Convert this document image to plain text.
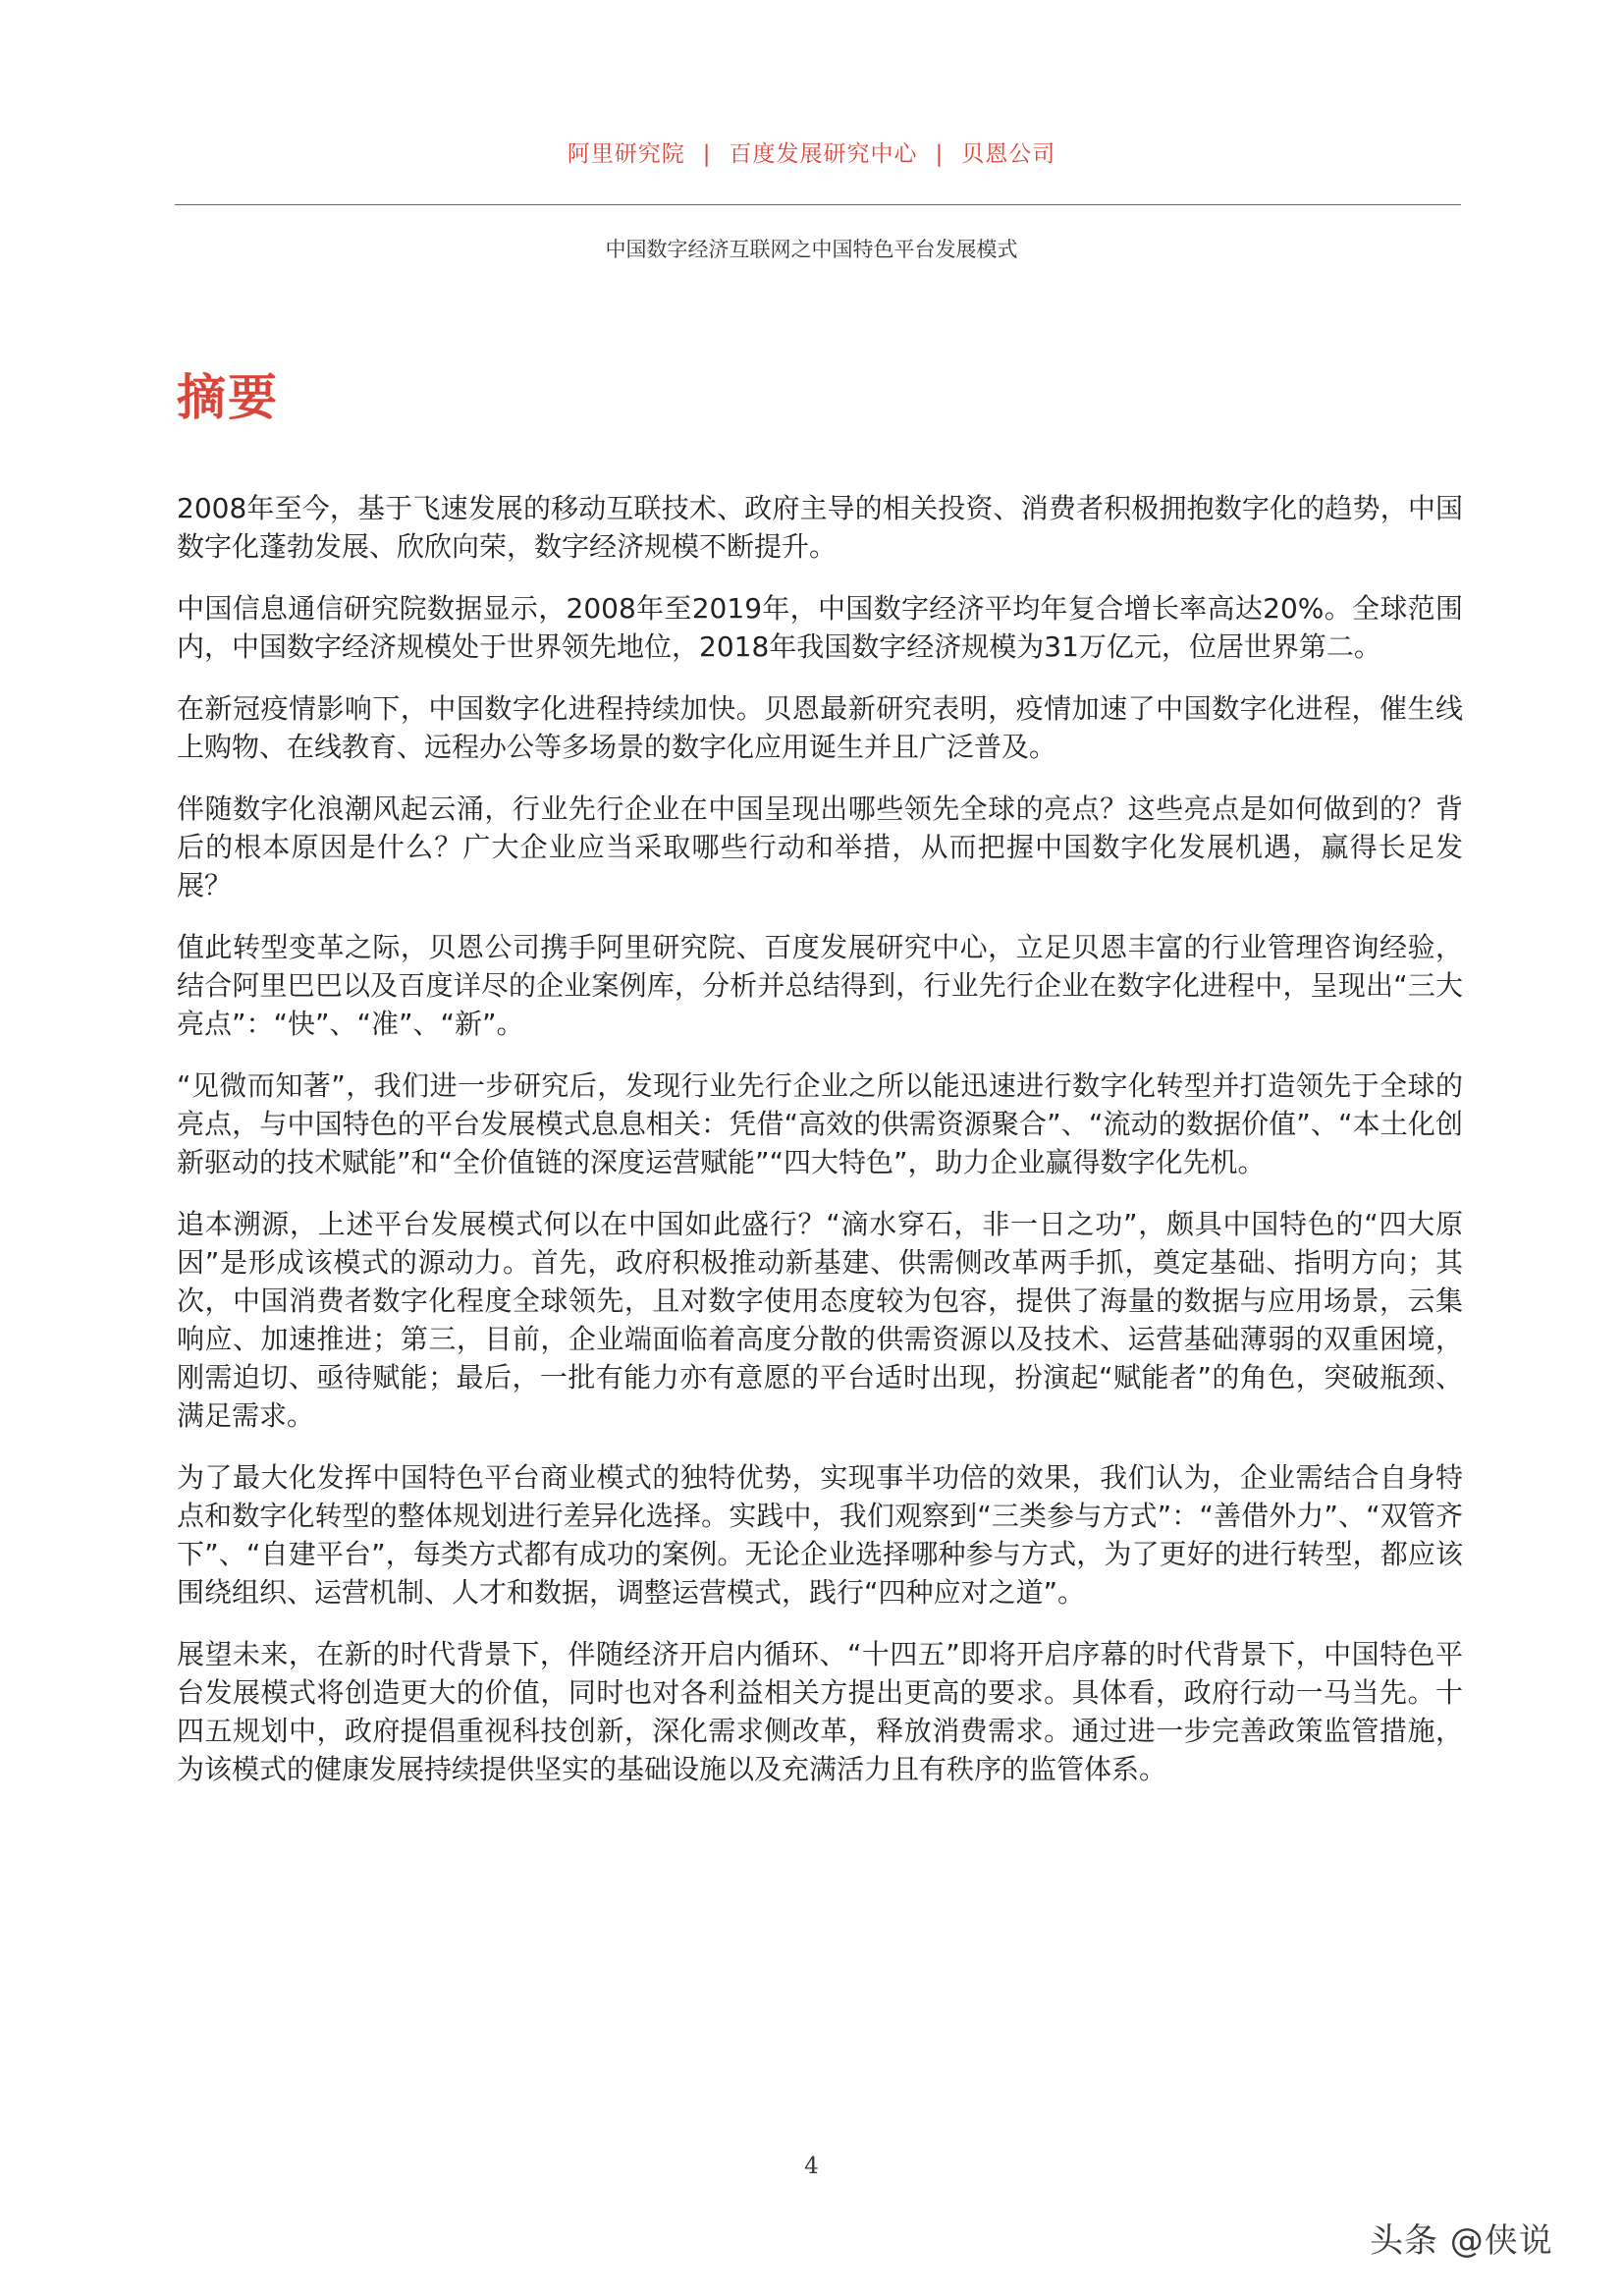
阿里研究院 | 百度发展研究中心 | 贝恩公司
中国数字经济互联网之中国特色平台发展模式
摘要

2008年至今，基于飞速发展的移动互联技术、政府主导的相关投资、消费者积极拥抱数字化的趋势，中国数字化蓬勃发展、欣欣向荣，数字经济规模不断提升。

中国信息通信研究院数据显示，2008年至2019年，中国数字经济平均年复合增长率高达20%。全球范围内，中国数字经济规模处于世界领先地位，2018年我国数字经济规模为31万亿元，位居世界第二。

在新冠疫情影响下，中国数字化进程持续加快。贝恩最新研究表明，疫情加速了中国数字化进程，催生线上购物、在线教育、远程办公等多场景的数字化应用诞生并且广泛普及。

伴随数字化浪潮风起云涌，行业先行企业在中国呈现出哪些领先全球的亮点？这些亮点是如何做到的？背后的根本原因是什么？广大企业应当采取哪些行动和举措，从而把握中国数字化发展机遇，赢得长足发展？

值此转型变革之际，贝恩公司携手阿里研究院、百度发展研究中心，立足贝恩丰富的行业管理咨询经验，结合阿里巴巴以及百度详尽的企业案例库，分析并总结得到，行业先行企业在数字化进程中，呈现出“三大亮点”：“快”、“准”、“新”。

“见微而知著”，我们进一步研究后，发现行业先行企业之所以能迅速进行数字化转型并打造领先于全球的亮点，与中国特色的平台发展模式息息相关：凭借“高效的供需资源聚合”、“流动的数据价值”、“本土化创新驱动的技术赋能”和“全价值链的深度运营赋能”“四大特色”，助力企业赢得数字化先机。

追本溯源，上述平台发展模式何以在中国如此盛行？“滴水穿石，非一日之功”，颇具中国特色的“四大原因”是形成该模式的源动力。首先，政府积极推动新基建、供需侧改革两手抓，奠定基础、指明方向；其次，中国消费者数字化程度全球领先，且对数字使用态度较为包容，提供了海量的数据与应用场景，云集响应、加速推进；第三，目前，企业端面临着高度分散的供需资源以及技术、运营基础薄弱的双重困境，刚需迫切、亟待赋能；最后，一批有能力亦有意愿的平台适时出现，扮演起“赋能者”的角色，突破瓶颈、满足需求。

为了最大化发挥中国特色平台商业模式的独特优势，实现事半功倍的效果，我们认为，企业需结合自身特点和数字化转型的整体规划进行差异化选择。实践中，我们观察到“三类参与方式”：“善借外力”、“双管齐下”、“自建平台”，每类方式都有成功的案例。无论企业选择哪种参与方式，为了更好的进行转型，都应该围绕组织、运营机制、人才和数据，调整运营模式，践行“四种应对之道”。

展望未来，在新的时代背景下，伴随经济开启内循环、“十四五”即将开启序幕的时代背景下，中国特色平台发展模式将创造更大的价值，同时也对各利益相关方提出更高的要求。具体看，政府行动一马当先。十四五规划中，政府提倡重视科技创新，深化需求侧改革，释放消费需求。通过进一步完善政策监管措施，为该模式的健康发展持续提供坚实的基础设施以及充满活力且有秩序的监管体系。

4
头条 @侠说
